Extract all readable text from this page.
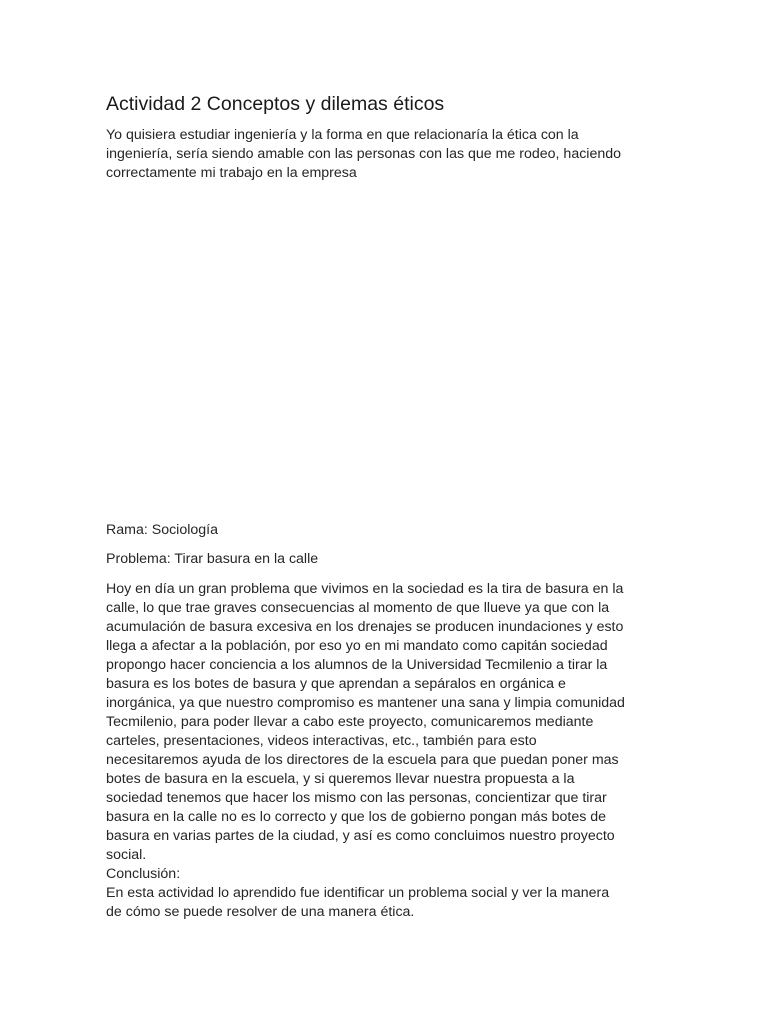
Actividad 2 Conceptos y dilemas éticos
Yo quisiera estudiar ingeniería y la forma en que relacionaría la ética con la
ingeniería, sería siendo amable con las personas con las que me rodeo, haciendo
correctamente mi trabajo en la empresa
Rama: Sociología
Problema: Tirar basura en la calle
Hoy en día un gran problema que vivimos en la sociedad es la tira de basura en la
calle, lo que trae graves consecuencias al momento de que llueve ya que con la
acumulación de basura excesiva en los drenajes se producen inundaciones y esto
llega a afectar a la población, por eso yo en mi mandato como capitán sociedad
propongo hacer conciencia a los alumnos de la Universidad Tecmilenio a tirar la
basura es los botes de basura y que aprendan a sepáralos en orgánica e
inorgánica, ya que nuestro compromiso es mantener una sana y limpia comunidad
Tecmilenio, para poder llevar a cabo este proyecto, comunicaremos mediante
carteles, presentaciones, videos interactivas, etc., también para esto
necesitaremos ayuda de los directores de la escuela para que puedan poner mas
botes de basura en la escuela, y si queremos llevar nuestra propuesta a la
sociedad tenemos que hacer los mismo con las personas, concientizar que tirar
basura en la calle no es lo correcto y que los de gobierno pongan más botes de
basura en varias partes de la ciudad, y así es como concluimos nuestro proyecto
social.
Conclusión:
En esta actividad lo aprendido fue identificar un problema social y ver la manera
de cómo se puede resolver de una manera ética.
